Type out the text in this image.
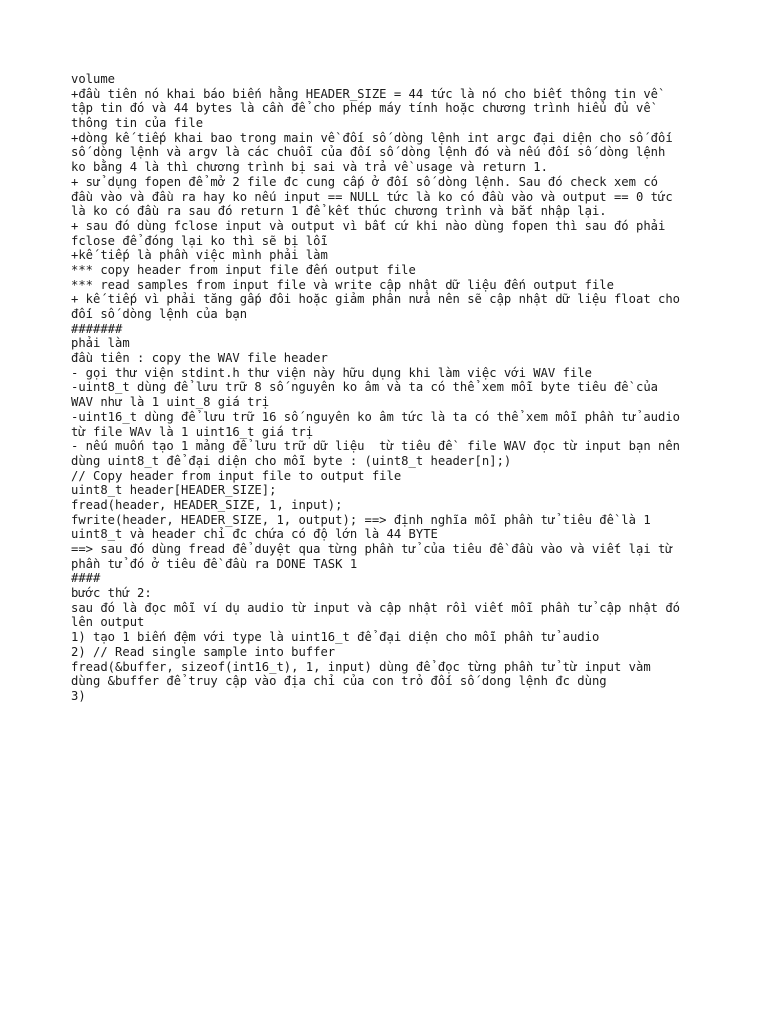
volume
+đầu tiên nó khai báo biến hằng HEADER_SIZE = 44 tức là nó cho biết thông tin về
tập tin đó và 44 bytes là cần để cho phép máy tính hoặc chương trình hiểu đủ về
thông tin của file
+dòng kế tiếp khai bao trong main về đối số dòng lệnh int argc đại diện cho số đối
số dòng lệnh và argv là các chuỗi của đối số dòng lệnh đó và nếu đối số dòng lệnh
ko bằng 4 là thì chương trình bị sai và trả về usage và return 1.
+ sử dụng fopen để mở 2 file đc cung cấp ở đối số dòng lệnh. Sau đó check xem có
đầu vào và đầu ra hay ko nếu input == NULL tức là ko có đầu vào và output == 0 tức
là ko có đầu ra sau đó return 1 để kết thúc chương trình và bắt nhập lại.
+ sau đó dùng fclose input và output vì bất cứ khi nào dùng fopen thì sau đó phải
fclose để đóng lại ko thì sẽ bị lỗi
+kế tiếp là phần việc mình phải làm
*** copy header from input file đến output file
*** read samples from input file và write cập nhật dữ liệu đến output file
+ kế tiếp vì phải tăng gấp đôi hoặc giảm phân nửa nên sẽ cập nhật dữ liệu float cho
đối số dòng lệnh của bạn
#######
phải làm
đầu tiên : copy the WAV file header
- gọi thư viện stdint.h thư viện này hữu dụng khi làm việc với WAV file
-uint8_t dùng để lưu trữ 8 số nguyên ko âm và ta có thể xem mỗi byte tiêu đề của
WAV như là 1 uint_8 giá trị
-uint16_t dùng để lưu trữ 16 số nguyên ko âm tức là ta có thể xem mỗi phần tử audio
từ file WAv là 1 uint16_t giá trị
- nếu muốn tạo 1 mảng để lưu trữ dữ liệu  từ tiêu đề  file WAV đọc từ input bạn nên
dùng uint8_t để đại diện cho mỗi byte : (uint8_t header[n];)
// Copy header from input file to output file
uint8_t header[HEADER_SIZE];
fread(header, HEADER_SIZE, 1, input);
fwrite(header, HEADER_SIZE, 1, output); ==> định nghĩa mỗi phần tử tiêu đề là 1
uint8_t và header chỉ đc chứa có độ lớn là 44 BYTE
==> sau đó dùng fread để duyệt qua từng phần tử của tiêu đề đầu vào và viết lại từ
phần tử đó ở tiêu đề đầu ra DONE TASK 1
####
bước thứ 2:
sau đó là đọc mỗi ví dụ audio từ input và cập nhật rồi viết mỗi phần tử cập nhật đó
lên output
1) tạo 1 biến đệm với type là uint16_t để đại diện cho mỗi phần tử audio
2) // Read single sample into buffer
fread(&buffer, sizeof(int16_t), 1, input) dùng để đọc từng phần tử từ input vàm
dùng &buffer để truy cập vào địa chỉ của con trỏ đối số dong lệnh đc dùng
3)
